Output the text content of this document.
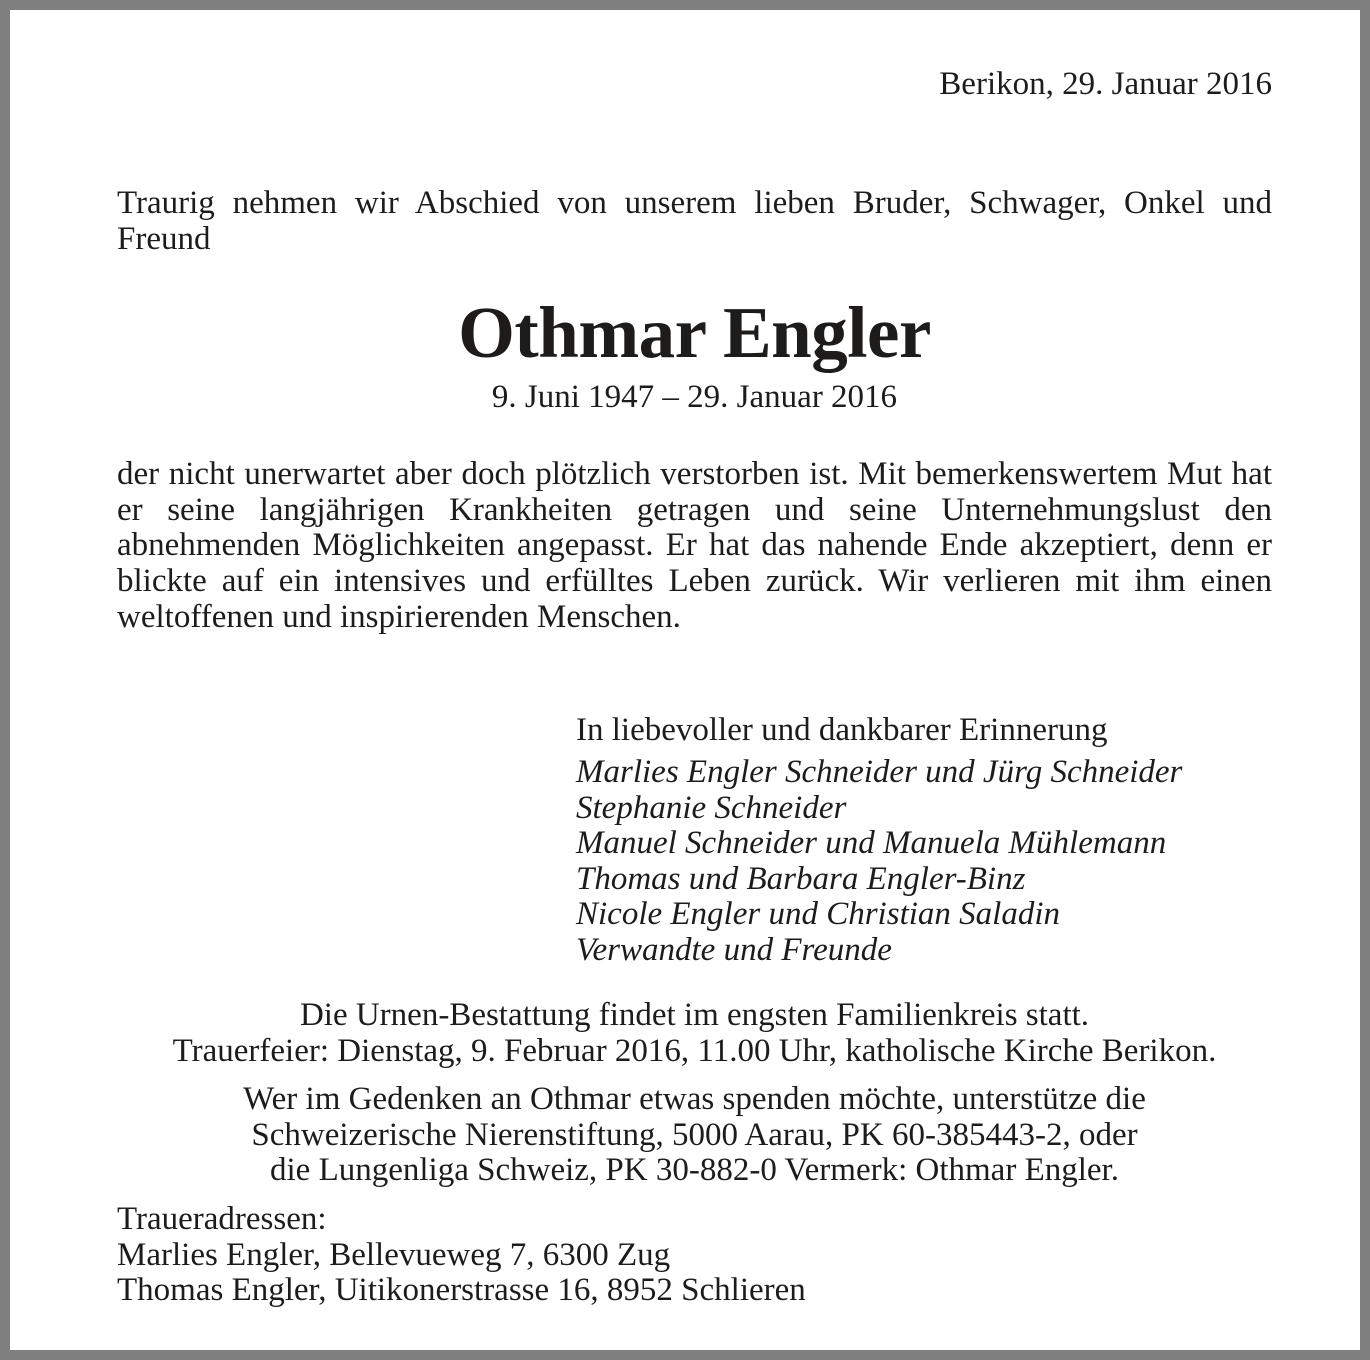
Berikon, 29. Januar 2016
Traurig nehmen wir Abschied von unserem lieben Bruder, Schwager, Onkel und Freund
Othmar Engler
9. Juni 1947 – 29. Januar 2016
der nicht unerwartet aber doch plötzlich verstorben ist. Mit bemerkenswertem Mut hat er seine langjährigen Krankheiten getragen und seine Unternehmungslust den abnehmenden Möglichkeiten angepasst. Er hat das nahende Ende akzeptiert, denn er blickte auf ein intensives und erfülltes Leben zurück. Wir verlieren mit ihm einen weltoffenen und inspirierenden Menschen.
In liebevoller und dankbarer Erinnerung
Marlies Engler Schneider und Jürg Schneider
Stephanie Schneider
Manuel Schneider und Manuela Mühlemann
Thomas und Barbara Engler-Binz
Nicole Engler und Christian Saladin
Verwandte und Freunde
Die Urnen-Bestattung findet im engsten Familienkreis statt.
Trauerfeier: Dienstag, 9. Februar 2016, 11.00 Uhr, katholische Kirche Berikon.
Wer im Gedenken an Othmar etwas spenden möchte, unterstütze die
Schweizerische Nierenstiftung, 5000 Aarau, PK 60-385443-2, oder
die Lungenliga Schweiz, PK 30-882-0 Vermerk: Othmar Engler.
Traueradressen:
Marlies Engler, Bellevueweg 7, 6300 Zug
Thomas Engler, Uitikonerstrasse 16, 8952 Schlieren
